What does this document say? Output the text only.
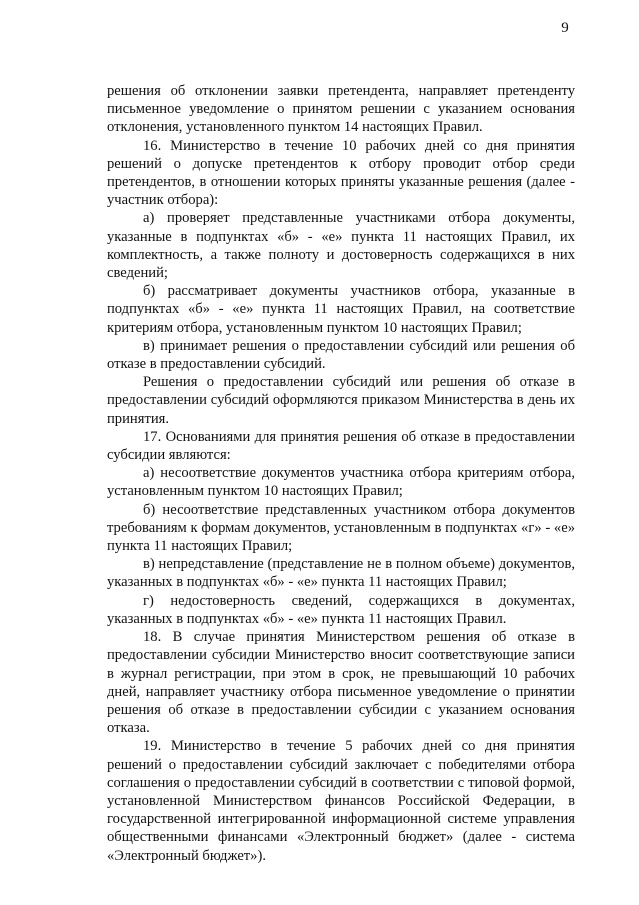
9

решения об отклонении заявки претендента, направляет претенденту письменное уведомление о принятом решении с указанием основания отклонения, установленного пунктом 14 настоящих Правил.

16. Министерство в течение 10 рабочих дней со дня принятия решений о допуске претендентов к отбору проводит отбор среди претендентов, в отношении которых приняты указанные решения (далее - участник отбора):

а) проверяет представленные участниками отбора документы, указанные в подпунктах «б» - «е» пункта 11 настоящих Правил, их комплектность, а также полноту и достоверность содержащихся в них сведений;

б) рассматривает документы участников отбора, указанные в подпунктах «б» - «е» пункта 11 настоящих Правил, на соответствие критериям отбора, установленным пунктом 10 настоящих Правил;

в) принимает решения о предоставлении субсидий или решения об отказе в предоставлении субсидий.

Решения о предоставлении субсидий или решения об отказе в предоставлении субсидий оформляются приказом Министерства в день их принятия.

17. Основаниями для принятия решения об отказе в предоставлении субсидии являются:

а) несоответствие документов участника отбора критериям отбора, установленным пунктом 10 настоящих Правил;

б) несоответствие представленных участником отбора документов требованиям к формам документов, установленным в подпунктах «г» - «е» пункта 11 настоящих Правил;

в) непредставление (представление не в полном объеме) документов, указанных в подпунктах «б» - «е» пункта 11 настоящих Правил;

г) недостоверность сведений, содержащихся в документах, указанных в подпунктах «б» - «е» пункта 11 настоящих Правил.

18. В случае принятия Министерством решения об отказе в предоставлении субсидии Министерство вносит соответствующие записи в журнал регистрации, при этом в срок, не превышающий 10 рабочих дней, направляет участнику отбора письменное уведомление о принятии решения об отказе в предоставлении субсидии с указанием основания отказа.

19. Министерство в течение 5 рабочих дней со дня принятия решений о предоставлении субсидий заключает с победителями отбора соглашения о предоставлении субсидий в соответствии с типовой формой, установленной Министерством финансов Российской Федерации, в государственной интегрированной информационной системе управления общественными финансами «Электронный бюджет» (далее - система «Электронный бюджет»).
